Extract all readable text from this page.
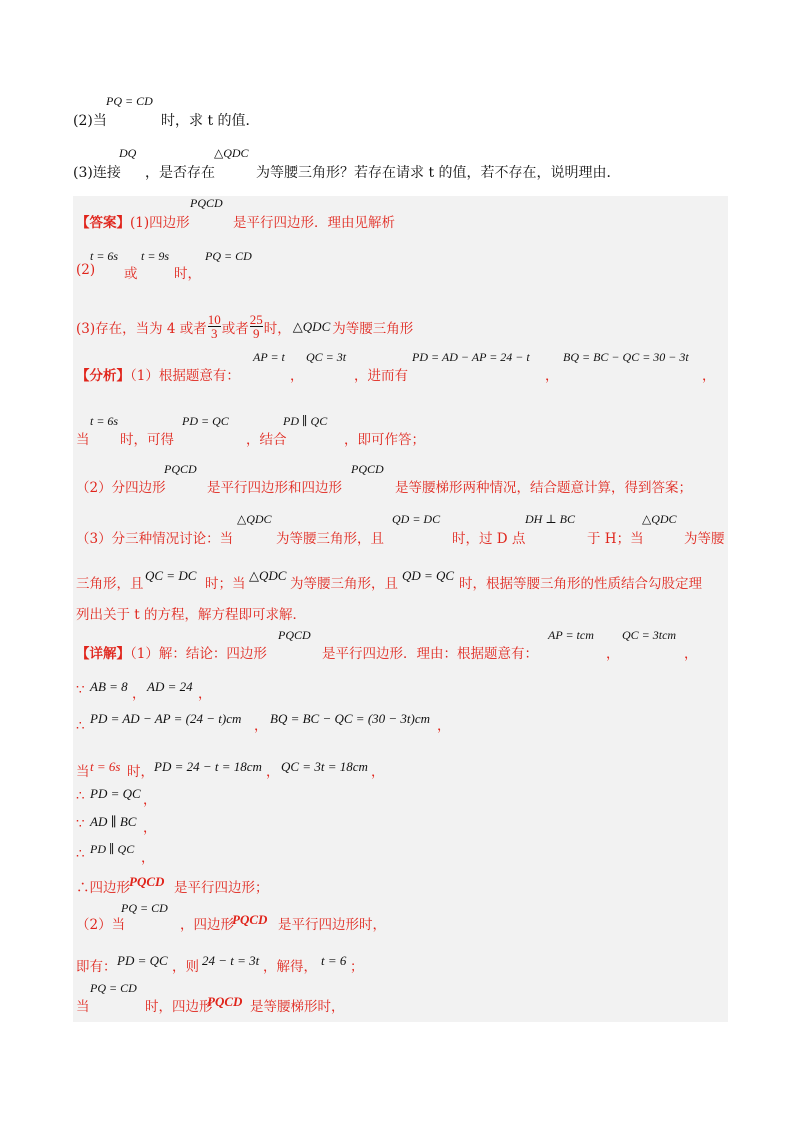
(2)当
PQ = CD
时，求 t 的值．
(3)连接
DQ
，是否存在
△QDC
为等腰三角形？若存在请求 t 的值，若不存在，说明理由．
【答案】(1)四边形
PQCD
是平行四边形．理由见解析
(2)
t = 6s
或
t = 9s
时，
PQ = CD
(3)存在，当为 4 或者 $\frac{10}{3}$ 或者 $\frac{25}{9}$ 时， △QDC 为等腰三角形
【分析】（1）根据题意有：
AP = t
，
QC = 3t
，进而有
PD = AD − AP = 24 − t
，
BQ = BC − QC = 30 − 3t
，
当
t = 6s
时，可得
PD = QC
，结合
PD ∥ QC
，即可作答；
（2）分四边形
PQCD
是平行四边形和四边形
PQCD
是等腰梯形两种情况，结合题意计算，得到答案；
（3）分三种情况讨论：当
△QDC
为等腰三角形，且
QD = DC
时，过 D 点
DH ⊥ BC
于 H；当
△QDC
为等腰
三角形，且
QC = DC
时；当
△QDC
为等腰三角形，且
QD = QC
时，根据等腰三角形的性质结合勾股定理
列出关于 t 的方程，解方程即可求解．
【详解】（1）解：结论：四边形
PQCD
是平行四边形．理由：根据题意有：
AP = tcm
，
QC = 3tcm
，
∵ AB = 8 ， AD = 24 ，
∴ PD = AD − AP = (24 − t)cm ， BQ = BC − QC = (30 − 3t)cm ，
当 t = 6s 时， PD = 24 − t = 18cm ， QC = 3t = 18cm ，
∴ PD = QC ，
∵ AD ∥ BC ，
∴ PD ∥ QC
，
∴四边形 PQCD 是平行四边形；
（2）当
PQ = CD
，四边形
PQCD 是平行四边形时，
即有： PD = QC ，则 24 − t = 3t ，解得， t = 6 ；
当
PQ = CD
时，四边形
PQCD 是等腰梯形时，
